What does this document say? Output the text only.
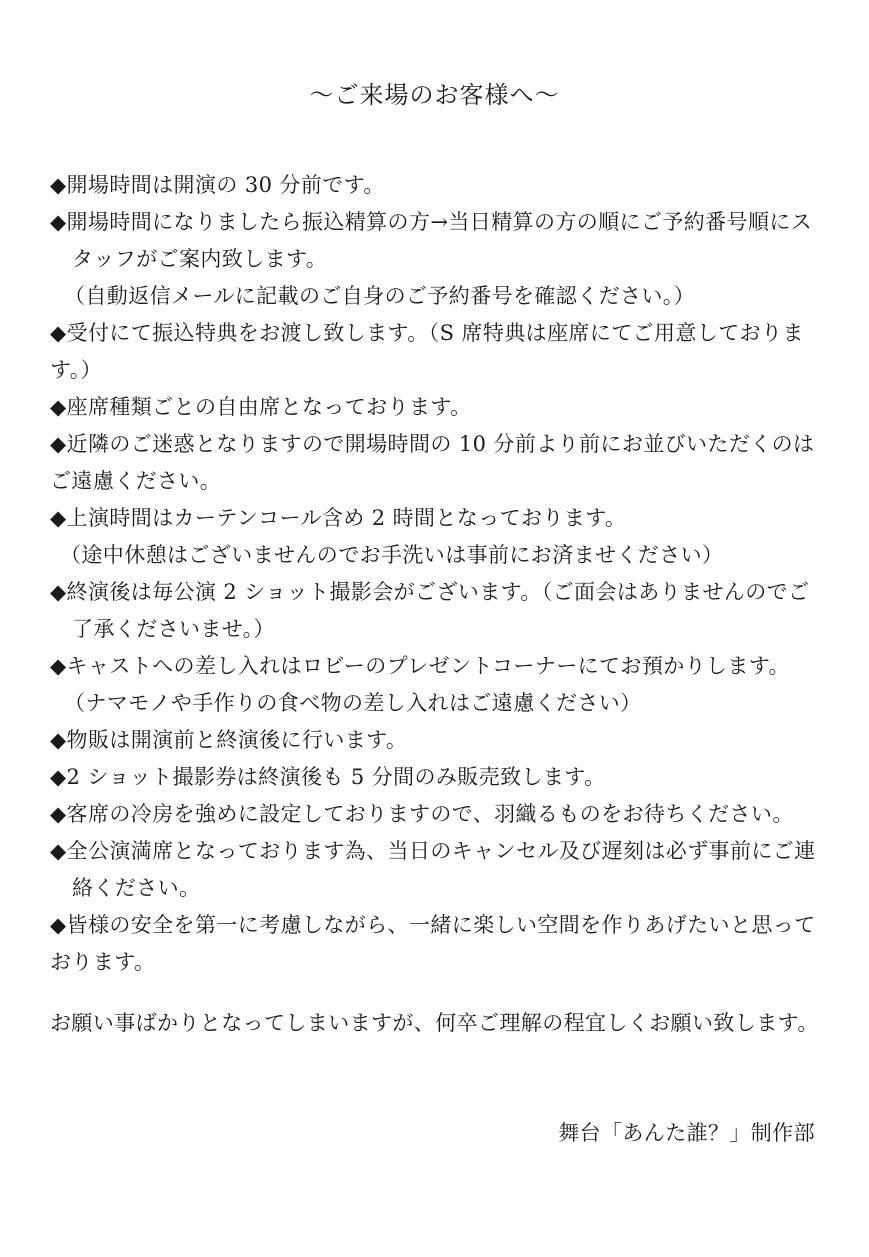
～ご来場のお客様へ～
◆開場時間は開演の 30 分前です。
◆開場時間になりましたら振込精算の方→当日精算の方の順にご予約番号順にス
タッフがご案内致します。
（自動返信メールに記載のご自身のご予約番号を確認ください。）
◆受付にて振込特典をお渡し致します。（S 席特典は座席にてご用意しておりま
す。）
◆座席種類ごとの自由席となっております。
◆近隣のご迷惑となりますので開場時間の 10 分前より前にお並びいただくのは
ご遠慮ください。
◆上演時間はカーテンコール含め 2 時間となっております。
（途中休憩はございませんのでお手洗いは事前にお済ませください）
◆終演後は毎公演 2 ショット撮影会がございます。（ご面会はありませんのでご
了承くださいませ。）
◆キャストへの差し入れはロビーのプレゼントコーナーにてお預かりします。
（ナマモノや手作りの食べ物の差し入れはご遠慮ください）
◆物販は開演前と終演後に行います。
◆2 ショット撮影券は終演後も 5 分間のみ販売致します。
◆客席の冷房を強めに設定しておりますので、羽織るものをお待ちください。
◆全公演満席となっております為、当日のキャンセル及び遅刻は必ず事前にご連
絡ください。
◆皆様の安全を第一に考慮しながら、一緒に楽しい空間を作りあげたいと思って
おります。
お願い事ばかりとなってしまいますが、何卒ご理解の程宜しくお願い致します。
舞台「あんた誰？」制作部
